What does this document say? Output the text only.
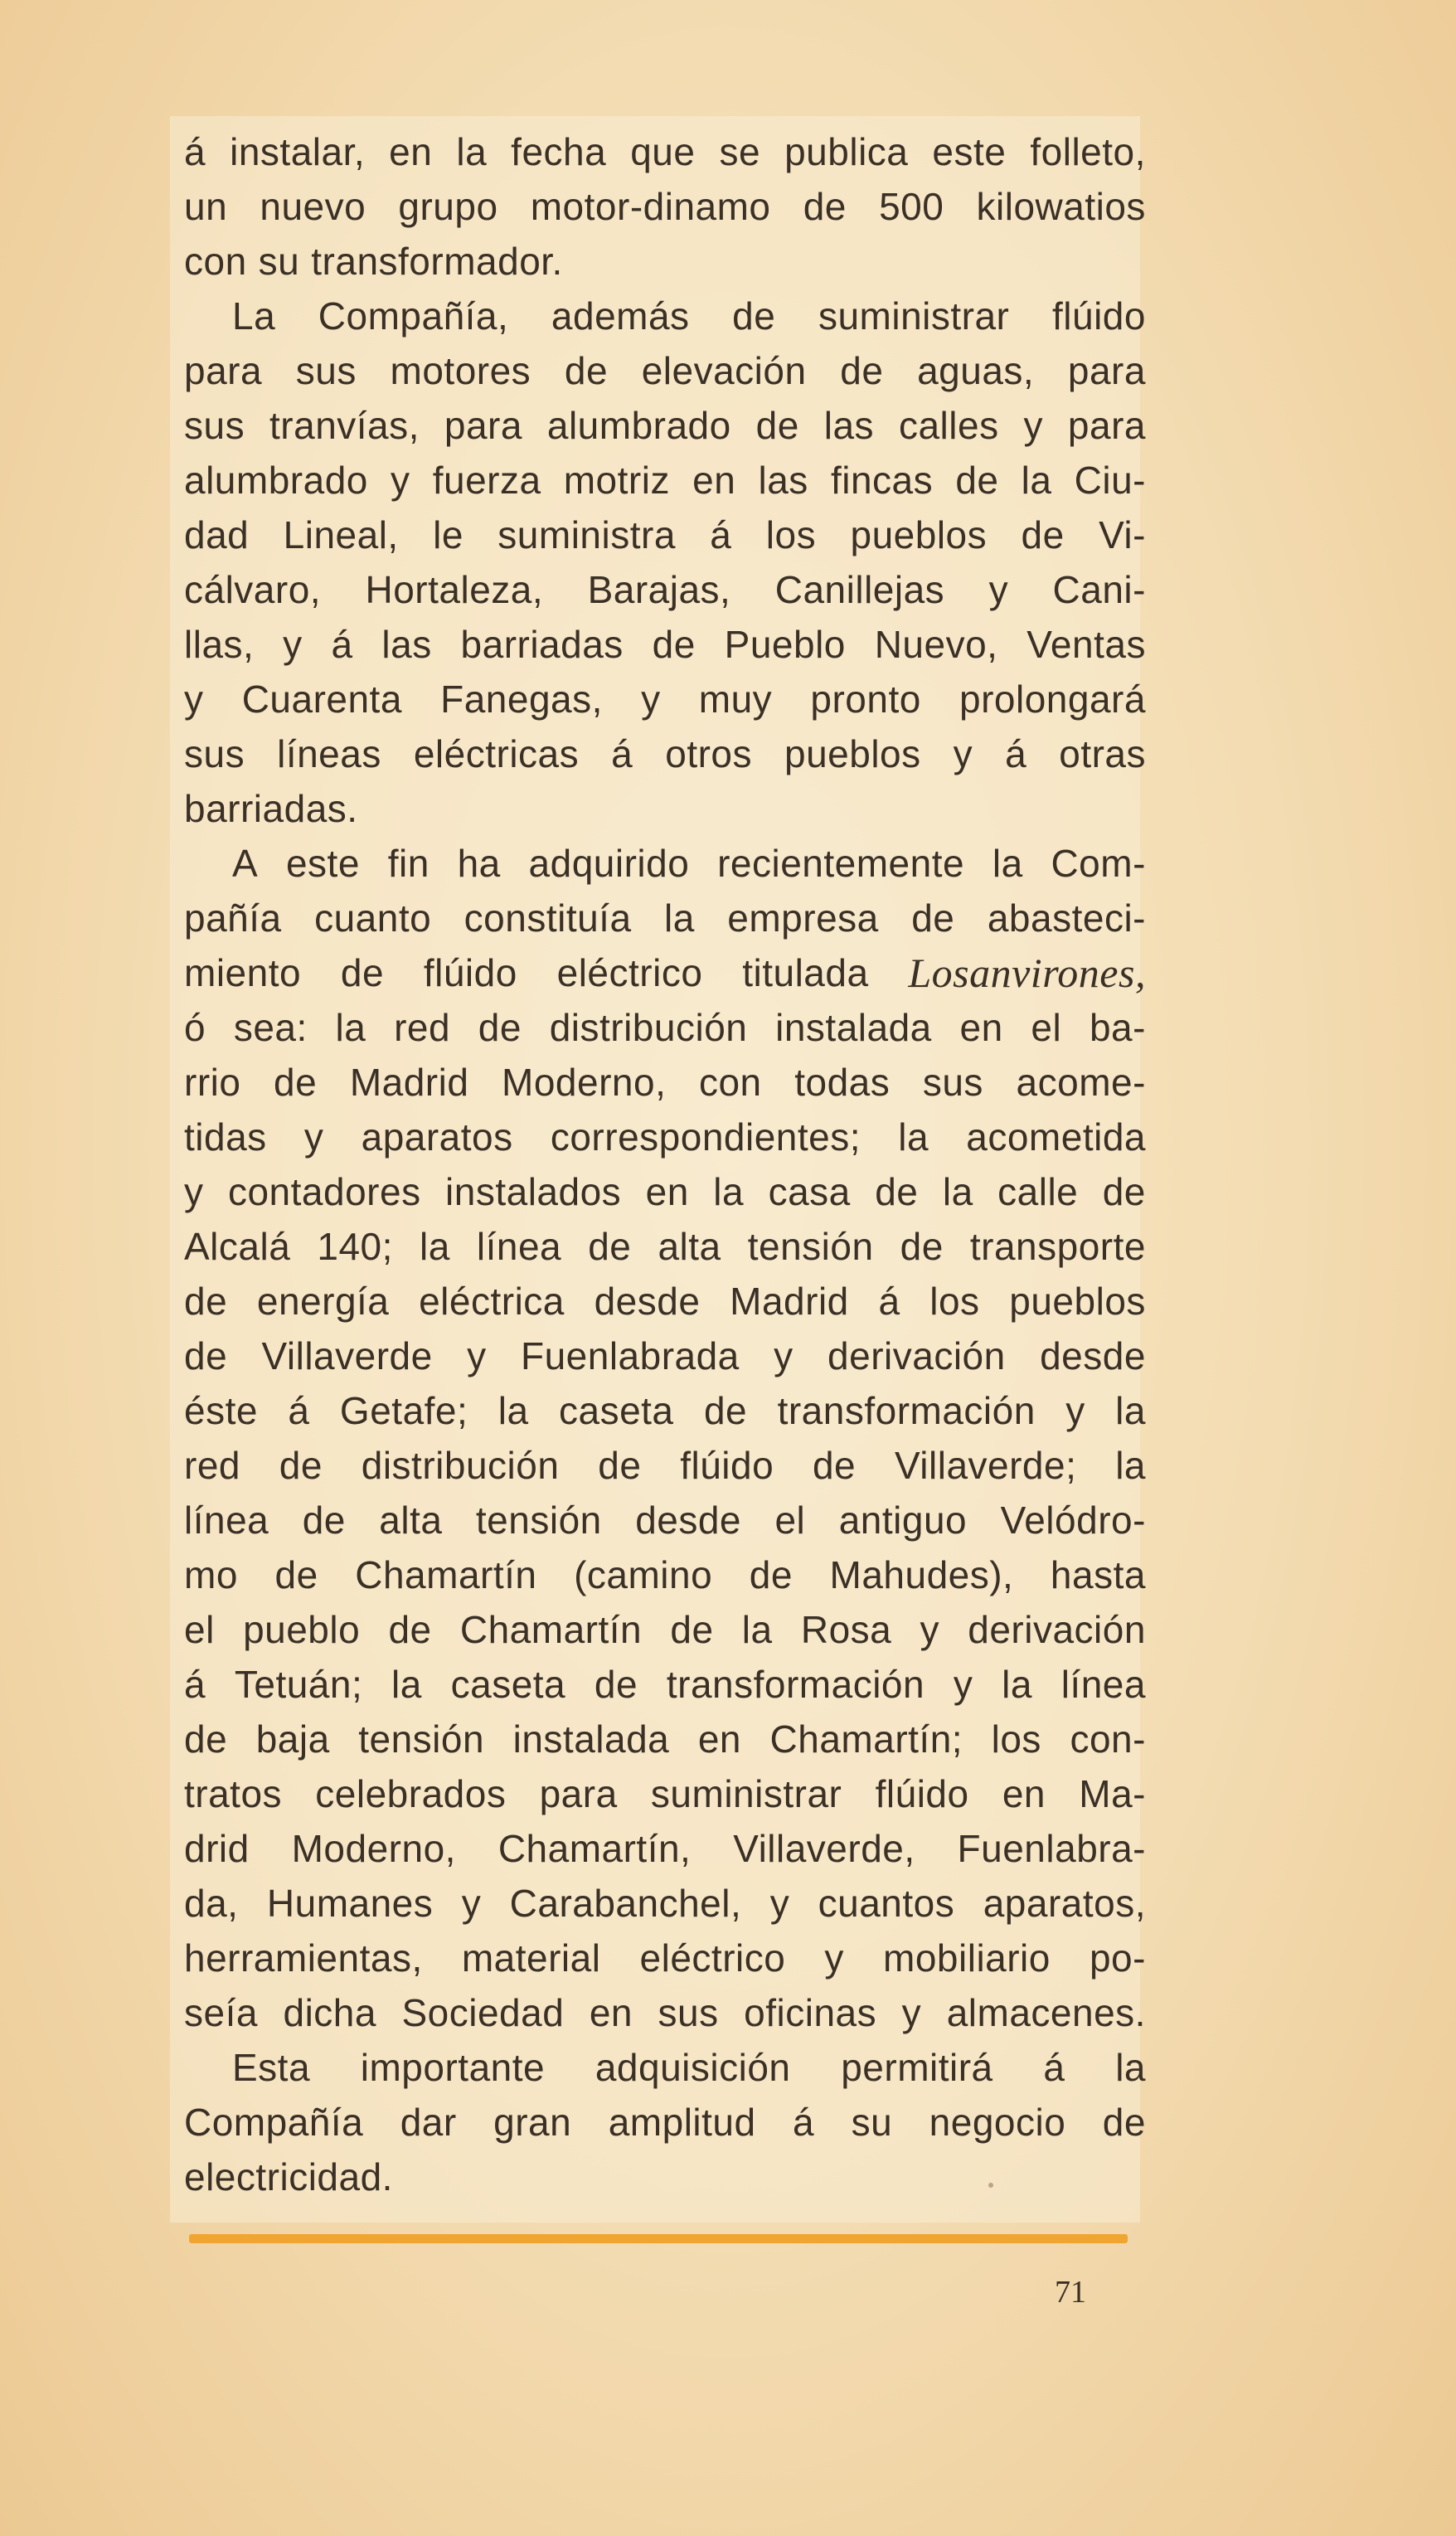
á instalar, en la fecha que se publica este folleto,
un nuevo grupo motor-dinamo de 500 kilowatios
con su transformador.
La Compañía, además de suministrar flúido
para sus motores de elevación de aguas, para
sus tranvías, para alumbrado de las calles y para
alumbrado y fuerza motriz en las fincas de la Ciu-
dad Lineal, le suministra á los pueblos de Vi-
cálvaro, Hortaleza, Barajas, Canillejas y Cani-
llas, y á las barriadas de Pueblo Nuevo, Ventas
y Cuarenta Fanegas, y muy pronto prolongará
sus líneas eléctricas á otros pueblos y á otras
barriadas.
A este fin ha adquirido recientemente la Com-
pañía cuanto constituía la empresa de abasteci-
miento de flúido eléctrico titulada Losanvirones,
ó sea: la red de distribución instalada en el ba-
rrio de Madrid Moderno, con todas sus acome-
tidas y aparatos correspondientes; la acometida
y contadores instalados en la casa de la calle de
Alcalá 140; la línea de alta tensión de transporte
de energía eléctrica desde Madrid á los pueblos
de Villaverde y Fuenlabrada y derivación desde
éste á Getafe; la caseta de transformación y la
red de distribución de flúido de Villaverde; la
línea de alta tensión desde el antiguo Velódro-
mo de Chamartín (camino de Mahudes), hasta
el pueblo de Chamartín de la Rosa y derivación
á Tetuán; la caseta de transformación y la línea
de baja tensión instalada en Chamartín; los con-
tratos celebrados para suministrar flúido en Ma-
drid Moderno, Chamartín, Villaverde, Fuenlabra-
da, Humanes y Carabanchel, y cuantos aparatos,
herramientas, material eléctrico y mobiliario po-
seía dicha Sociedad en sus oficinas y almacenes.
Esta importante adquisición permitirá á la
Compañía dar gran amplitud á su negocio de
electricidad.
71
